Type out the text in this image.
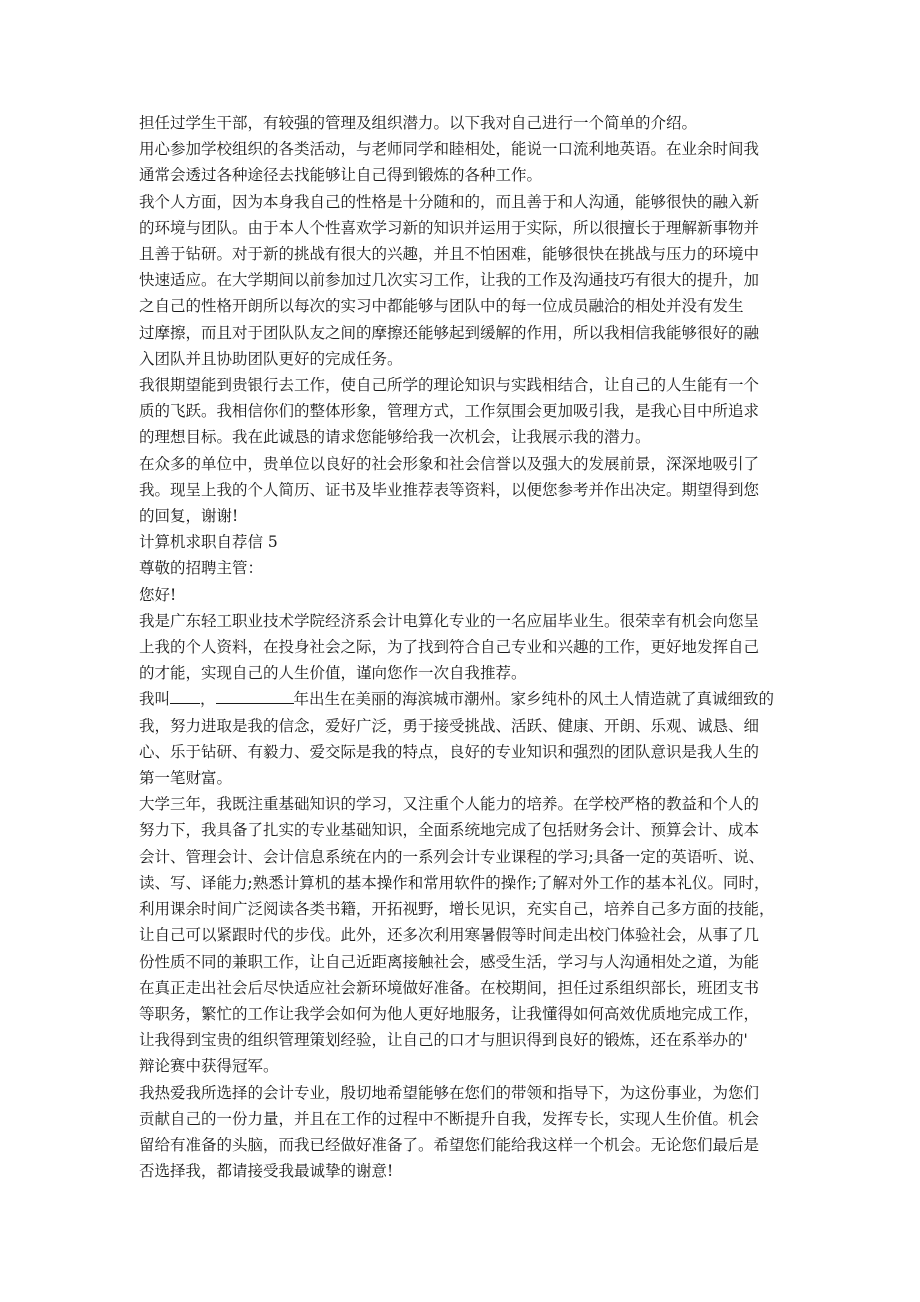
担任过学生干部，有较强的管理及组织潜力。以下我对自己进行一个简单的介绍。

用心参加学校组织的各类活动，与老师同学和睦相处，能说一口流利地英语。在业余时间我
通常会透过各种途径去找能够让自己得到锻炼的各种工作。

我个人方面，因为本身我自己的性格是十分随和的，而且善于和人沟通，能够很快的融入新
的环境与团队。由于本人个性喜欢学习新的知识并运用于实际，所以很擅长于理解新事物并
且善于钻研。对于新的挑战有很大的兴趣，并且不怕困难，能够很快在挑战与压力的环境中
快速适应。在大学期间以前参加过几次实习工作，让我的工作及沟通技巧有很大的提升，加
之自己的性格开朗所以每次的实习中都能够与团队中的每一位成员融洽的相处并没有发生
过摩擦，而且对于团队队友之间的摩擦还能够起到缓解的作用，所以我相信我能够很好的融
入团队并且协助团队更好的完成任务。

我很期望能到贵银行去工作，使自己所学的理论知识与实践相结合，让自己的人生能有一个
质的飞跃。我相信你们的整体形象，管理方式，工作氛围会更加吸引我，是我心目中所追求
的理想目标。我在此诚恳的请求您能够给我一次机会，让我展示我的潜力。

在众多的单位中，贵单位以良好的社会形象和社会信誉以及强大的发展前景，深深地吸引了
我。现呈上我的个人简历、证书及毕业推荐表等资料，以便您参考并作出决定。期望得到您
的回复，谢谢!

计算机求职自荐信 5

尊敬的招聘主管：

您好!

我是广东轻工职业技术学院经济系会计电算化专业的一名应届毕业生。很荣幸有机会向您呈
上我的个人资料，在投身社会之际，为了找到符合自己专业和兴趣的工作，更好地发挥自己
的才能，实现自己的人生价值，谨向您作一次自我推荐。

我叫 ，	年出生在美丽的海滨城市潮州。家乡纯朴的风土人情造就了真诚细致的
我，努力进取是我的信念，爱好广泛，勇于接受挑战、活跃、健康、开朗、乐观、诚恳、细
心、乐于钻研、有毅力、爱交际是我的特点，良好的专业知识和强烈的团队意识是我人生的
第一笔财富。

大学三年，我既注重基础知识的学习，又注重个人能力的培养。在学校严格的教益和个人的
努力下，我具备了扎实的专业基础知识，全面系统地完成了包括财务会计、预算会计、成本
会计、管理会计、会计信息系统在内的一系列会计专业课程的学习;具备一定的英语听、说、
读、写、译能力;熟悉计算机的基本操作和常用软件的操作;了解对外工作的基本礼仪。同时，
利用课余时间广泛阅读各类书籍，开拓视野，增长见识，充实自己，培养自己多方面的技能，
让自己可以紧跟时代的步伐。此外，还多次利用寒暑假等时间走出校门体验社会，从事了几
份性质不同的兼职工作，让自己近距离接触社会，感受生活，学习与人沟通相处之道，为能
在真正走出社会后尽快适应社会新环境做好准备。在校期间，担任过系组织部长，班团支书
等职务，繁忙的工作让我学会如何为他人更好地服务，让我懂得如何高效优质地完成工作，
让我得到宝贵的组织管理策划经验，让自己的口才与胆识得到良好的锻炼，还在系举办的'
辩论赛中获得冠军。

我热爱我所选择的会计专业，殷切地希望能够在您们的带领和指导下，为这份事业，为您们
贡献自己的一份力量，并且在工作的过程中不断提升自我，发挥专长，实现人生价值。机会
留给有准备的头脑，而我已经做好准备了。希望您们能给我这样一个机会。无论您们最后是
否选择我，都请接受我最诚挚的谢意!
